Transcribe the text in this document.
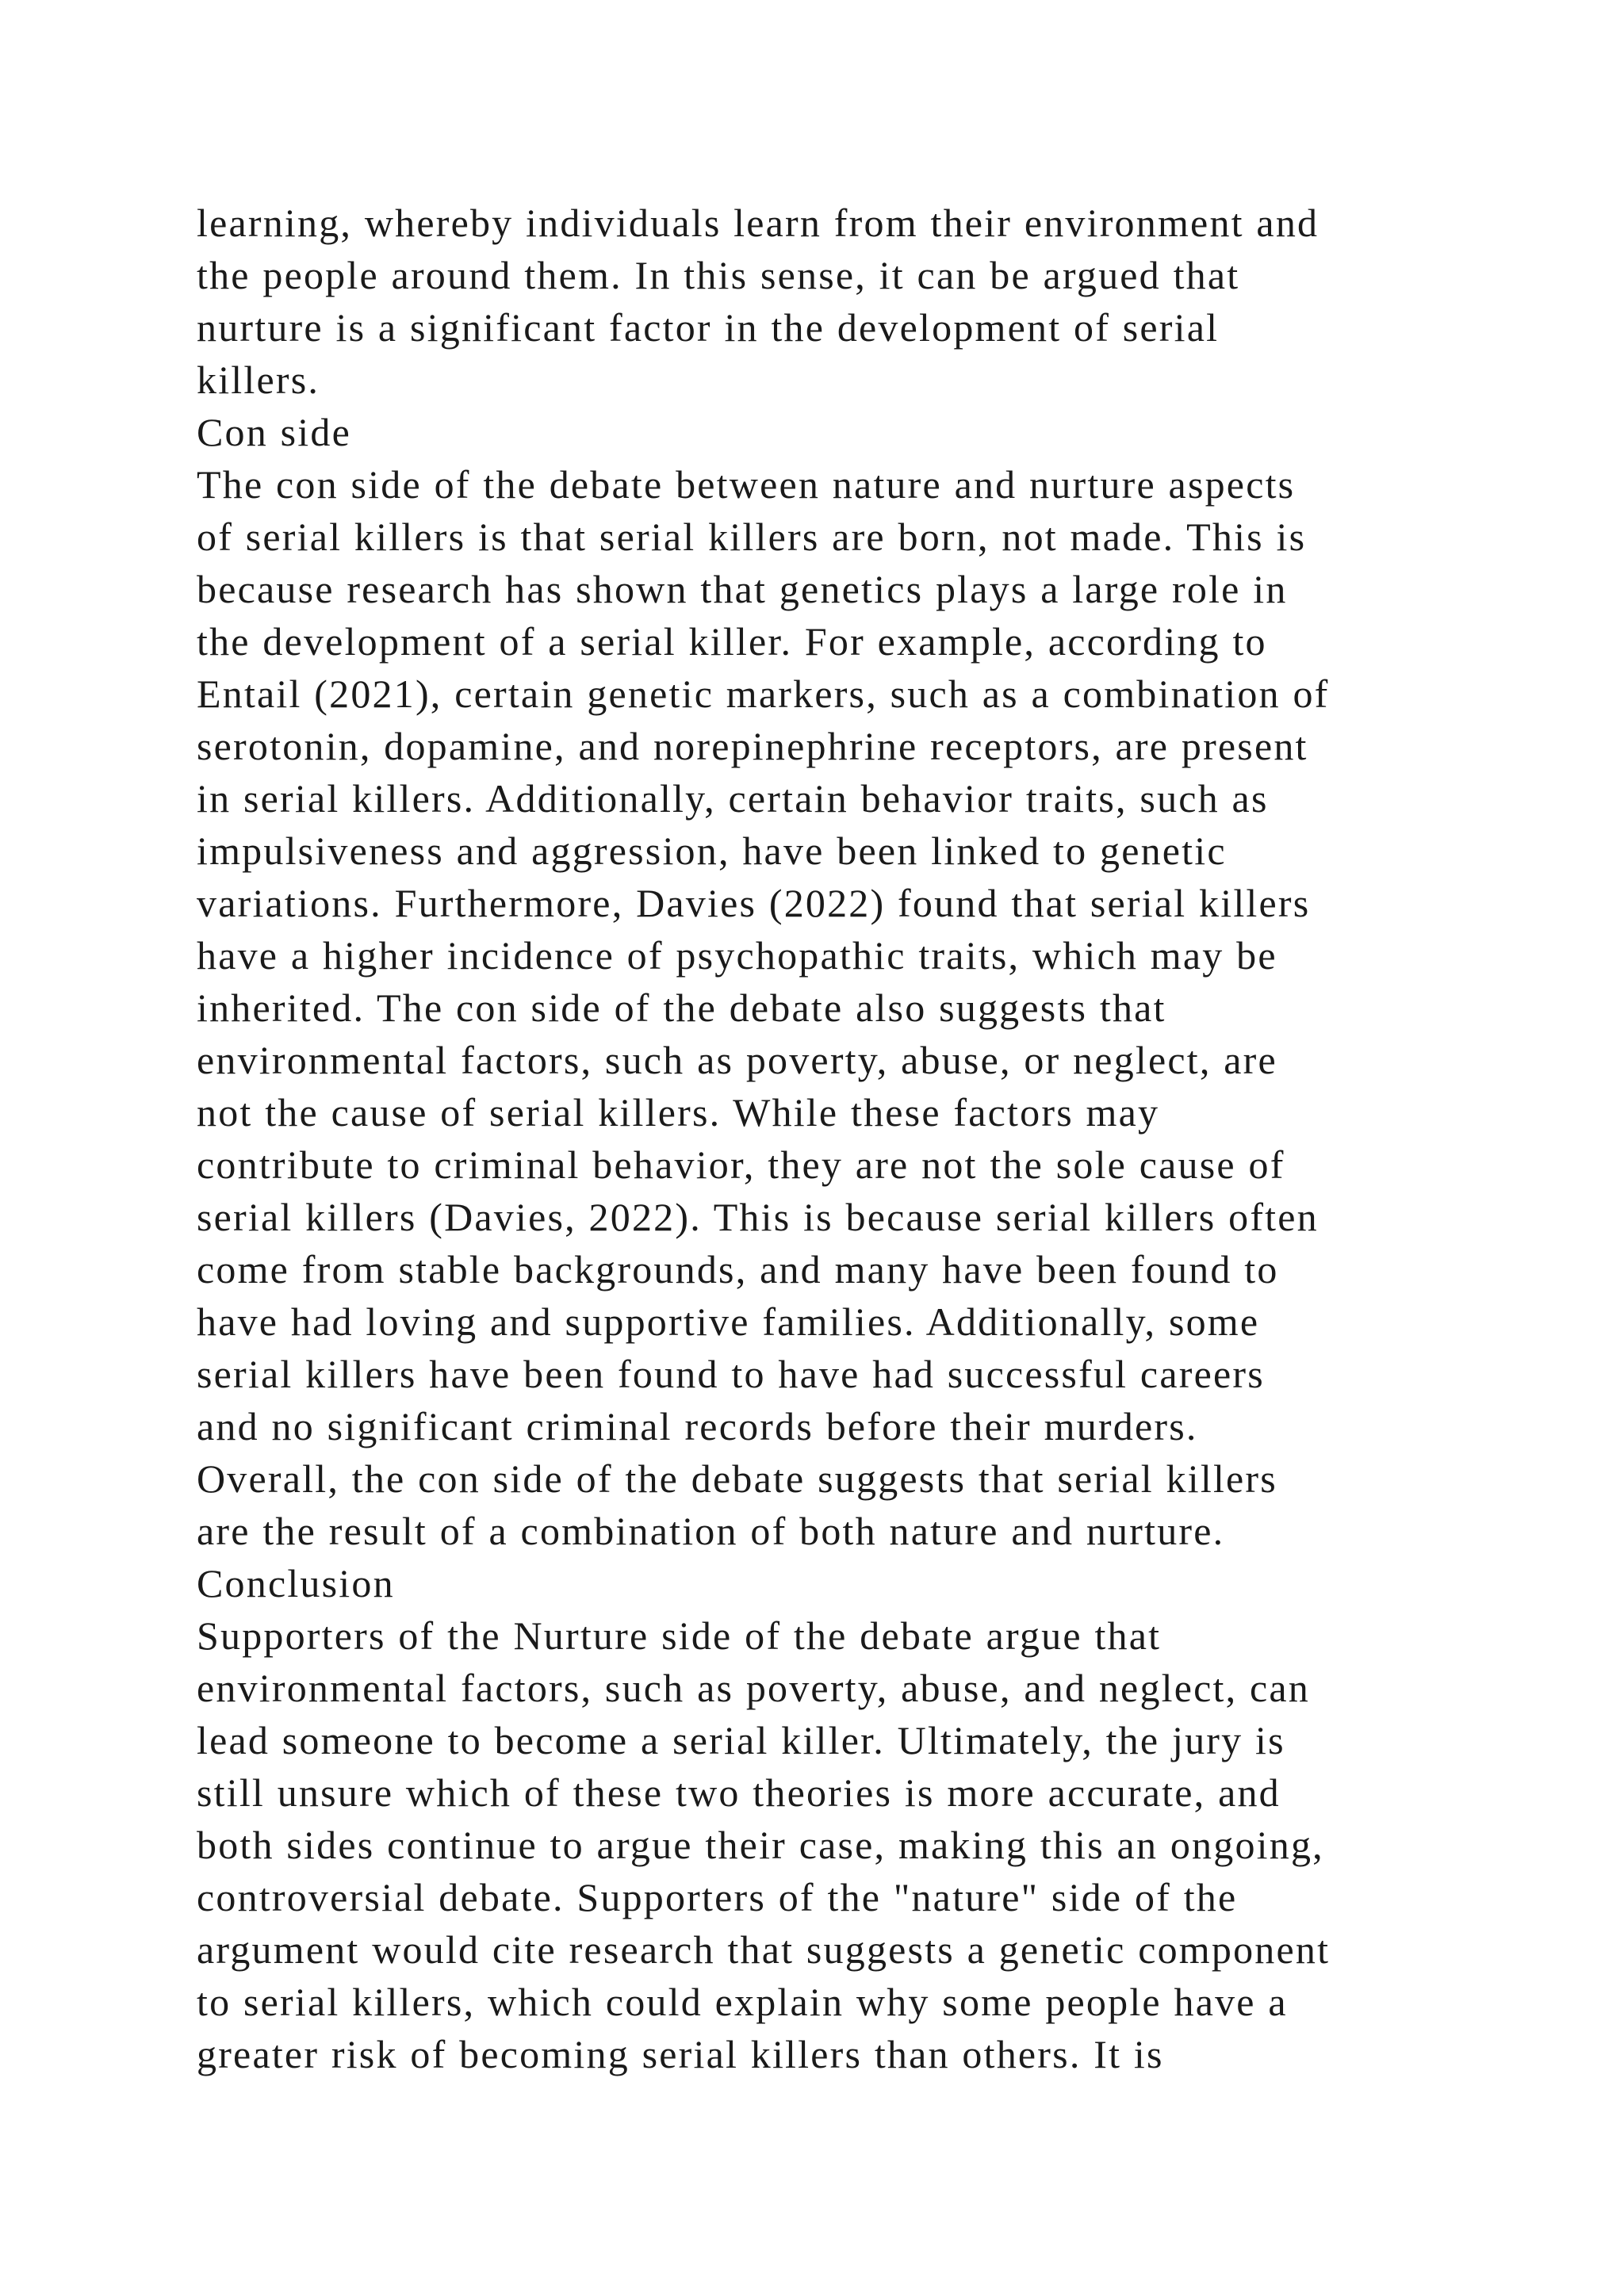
learning, whereby individuals learn from their environment and
the people around them. In this sense, it can be argued that
nurture is a significant factor in the development of serial
killers.
Con side
The con side of the debate between nature and nurture aspects
of serial killers is that serial killers are born, not made. This is
because research has shown that genetics plays a large role in
the development of a serial killer. For example, according to
Entail (2021), certain genetic markers, such as a combination of
serotonin, dopamine, and norepinephrine receptors, are present
in serial killers. Additionally, certain behavior traits, such as
impulsiveness and aggression, have been linked to genetic
variations. Furthermore, Davies (2022) found that serial killers
have a higher incidence of psychopathic traits, which may be
inherited. The con side of the debate also suggests that
environmental factors, such as poverty, abuse, or neglect, are
not the cause of serial killers. While these factors may
contribute to criminal behavior, they are not the sole cause of
serial killers (Davies, 2022). This is because serial killers often
come from stable backgrounds, and many have been found to
have had loving and supportive families. Additionally, some
serial killers have been found to have had successful careers
and no significant criminal records before their murders.
Overall, the con side of the debate suggests that serial killers
are the result of a combination of both nature and nurture.
Conclusion
Supporters of the Nurture side of the debate argue that
environmental factors, such as poverty, abuse, and neglect, can
lead someone to become a serial killer. Ultimately, the jury is
still unsure which of these two theories is more accurate, and
both sides continue to argue their case, making this an ongoing,
controversial debate. Supporters of the "nature" side of the
argument would cite research that suggests a genetic component
to serial killers, which could explain why some people have a
greater risk of becoming serial killers than others. It is
